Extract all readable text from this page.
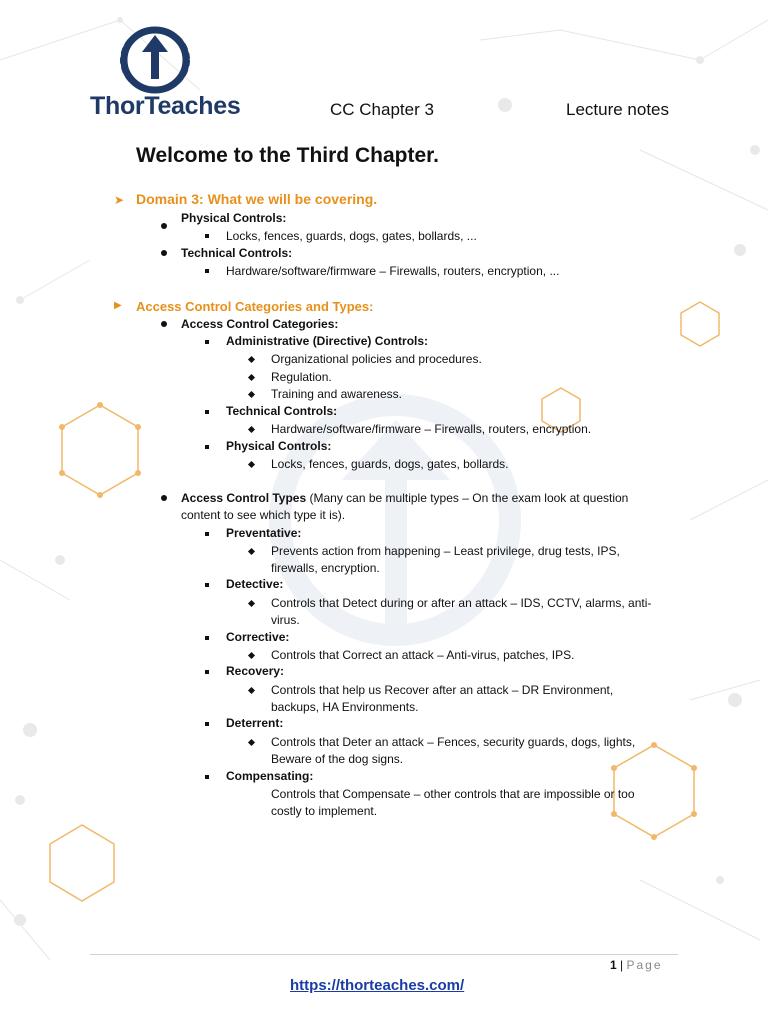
ThorTeaches	CC Chapter 3	Lecture notes
Welcome to the Third Chapter.
➤ Domain 3: What we will be covering.
Physical Controls:
Locks, fences, guards, dogs, gates, bollards, ...
Technical Controls:
Hardware/software/firmware – Firewalls, routers, encryption, ...
▶ Access Control Categories and Types:
Access Control Categories:
Administrative (Directive) Controls:
Organizational policies and procedures.
Regulation.
Training and awareness.
Technical Controls:
Hardware/software/firmware – Firewalls, routers, encryption.
Physical Controls:
Locks, fences, guards, dogs, gates, bollards.
Access Control Types (Many can be multiple types – On the exam look at question
content to see which type it is).
Preventative:
Prevents action from happening – Least privilege, drug tests, IPS,
firewalls, encryption.
Detective:
Controls that Detect during or after an attack – IDS, CCTV, alarms, anti-
virus.
Corrective:
Controls that Correct an attack – Anti-virus, patches, IPS.
Recovery:
Controls that help us Recover after an attack – DR Environment,
backups, HA Environments.
Deterrent:
Controls that Deter an attack – Fences, security guards, dogs, lights,
Beware of the dog signs.
Compensating:
Controls that Compensate – other controls that are impossible or too
costly to implement.
1 | Page
https://thorteaches.com/
